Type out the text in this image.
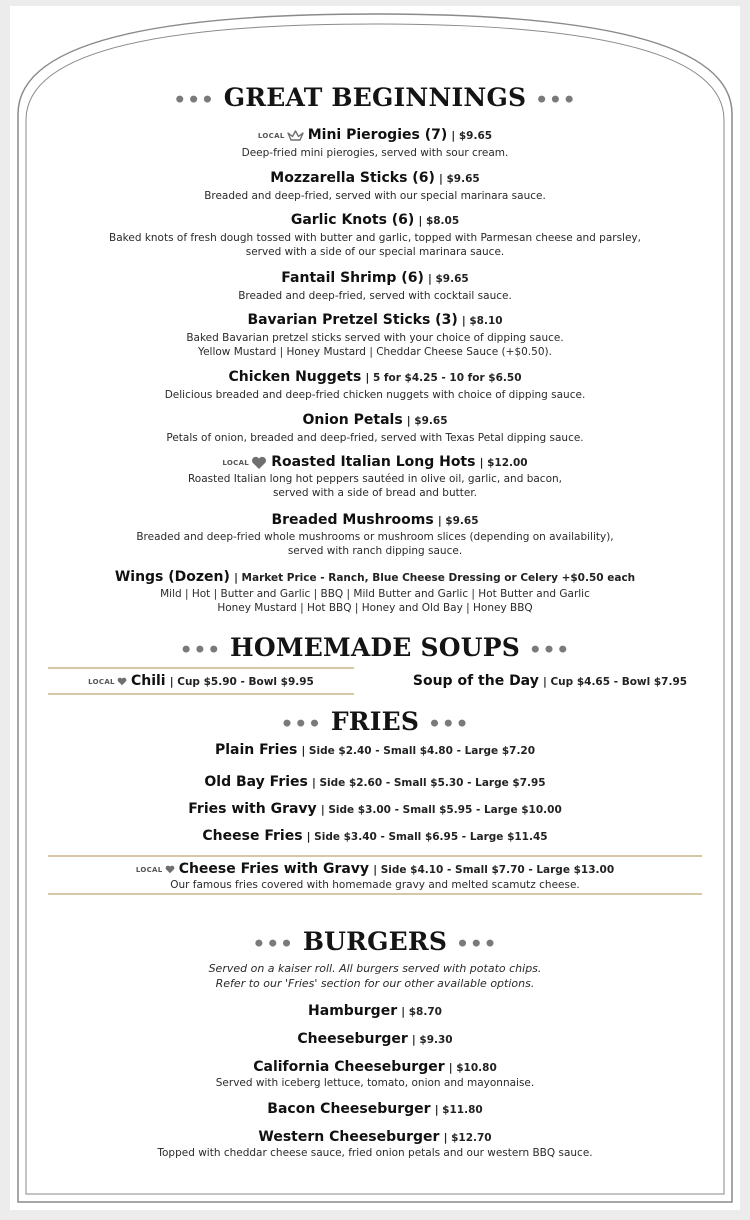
••• GREAT BEGINNINGS •••
LOCAL Mini Pierogies (7) | $9.65
Deep-fried mini pierogies, served with sour cream.
Mozzarella Sticks (6) | $9.65
Breaded and deep-fried, served with our special marinara sauce.
Garlic Knots (6) | $8.05
Baked knots of fresh dough tossed with butter and garlic, topped with Parmesan cheese and parsley,
served with a side of our special marinara sauce.
Fantail Shrimp (6) | $9.65
Breaded and deep-fried, served with cocktail sauce.
Bavarian Pretzel Sticks (3) | $8.10
Baked Bavarian pretzel sticks served with your choice of dipping sauce.
Yellow Mustard | Honey Mustard | Cheddar Cheese Sauce (+$0.50).
Chicken Nuggets | 5 for $4.25 - 10 for $6.50
Delicious breaded and deep-fried chicken nuggets with choice of dipping sauce.
Onion Petals | $9.65
Petals of onion, breaded and deep-fried, served with Texas Petal dipping sauce.
LOCAL Roasted Italian Long Hots | $12.00
Roasted Italian long hot peppers sautéed in olive oil, garlic, and bacon,
served with a side of bread and butter.
Breaded Mushrooms | $9.65
Breaded and deep-fried whole mushrooms or mushroom slices (depending on availability),
served with ranch dipping sauce.
Wings (Dozen) | Market Price - Ranch, Blue Cheese Dressing or Celery +$0.50 each
Mild | Hot | Butter and Garlic | BBQ | Mild Butter and Garlic | Hot Butter and Garlic
Honey Mustard | Hot BBQ | Honey and Old Bay | Honey BBQ
••• HOMEMADE SOUPS •••
LOCAL Chili | Cup $5.90 - Bowl $9.95	Soup of the Day | Cup $4.65 - Bowl $7.95
••• FRIES •••
Plain Fries | Side $2.40 - Small $4.80 - Large $7.20
Old Bay Fries | Side $2.60 - Small $5.30 - Large $7.95
Fries with Gravy | Side $3.00 - Small $5.95 - Large $10.00
Cheese Fries | Side $3.40 - Small $6.95 - Large $11.45
LOCAL Cheese Fries with Gravy | Side $4.10 - Small $7.70 - Large $13.00
Our famous fries covered with homemade gravy and melted scamutz cheese.
••• BURGERS •••
Served on a kaiser roll. All burgers served with potato chips.
Refer to our 'Fries' section for our other available options.
Hamburger | $8.70
Cheeseburger | $9.30
California Cheeseburger | $10.80
Served with iceberg lettuce, tomato, onion and mayonnaise.
Bacon Cheeseburger | $11.80
Western Cheeseburger | $12.70
Topped with cheddar cheese sauce, fried onion petals and our western BBQ sauce.
